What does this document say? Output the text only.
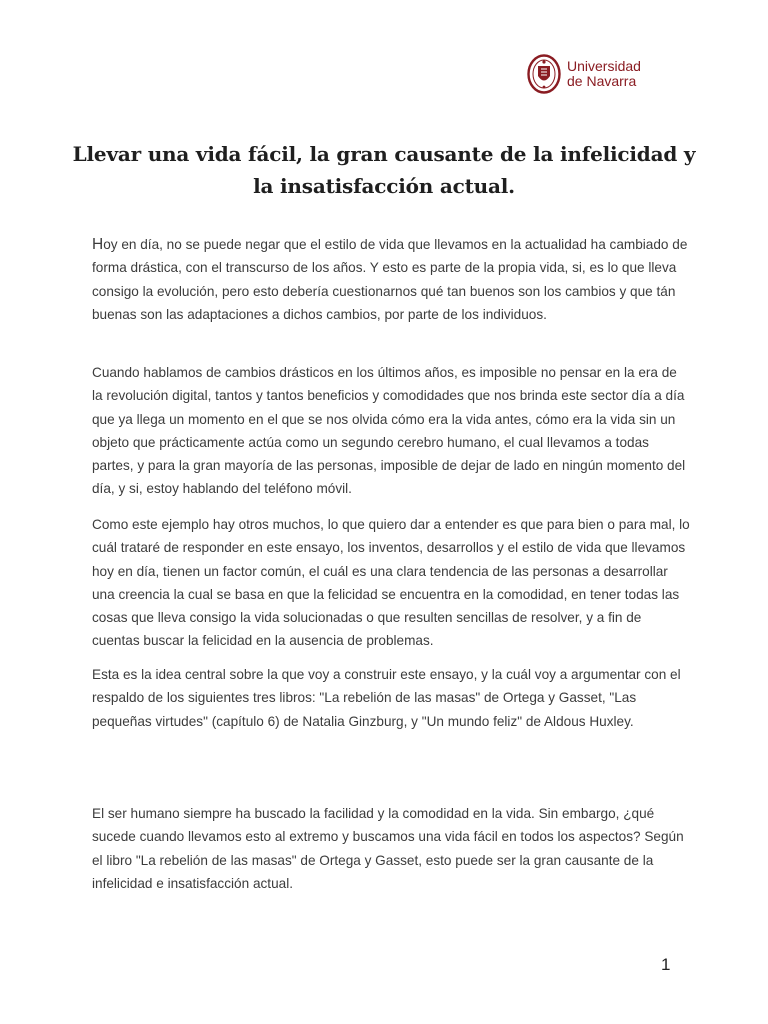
Universidad
de Navarra
Llevar una vida fácil, la gran causante de la infelicidad y la insatisfacción actual.

Hoy en día, no se puede negar que el estilo de vida que llevamos en la actualidad ha cambiado de forma drástica, con el transcurso de los años. Y esto es parte de la propia vida, si, es lo que lleva consigo la evolución, pero esto debería cuestionarnos qué tan buenos son los cambios y que tán buenas son las adaptaciones a dichos cambios, por parte de los individuos.

Cuando hablamos de cambios drásticos en los últimos años, es imposible no pensar en la era de la revolución digital, tantos y tantos beneficios y comodidades que nos brinda este sector día a día que ya llega un momento en el que se nos olvida cómo era la vida antes, cómo era la vida sin un objeto que prácticamente actúa como un segundo cerebro humano, el cual llevamos a todas partes, y para la gran mayoría de las personas, imposible de dejar de lado en ningún momento del día, y si, estoy hablando del teléfono móvil.

Como este ejemplo hay otros muchos, lo que quiero dar a entender es que para bien o para mal, lo cuál trataré de responder en este ensayo, los inventos, desarrollos y el estilo de vida que llevamos hoy en día, tienen un factor común, el cuál es una clara tendencia de las personas a desarrollar una creencia la cual se basa en que la felicidad se encuentra en la comodidad, en tener todas las cosas que lleva consigo la vida solucionadas o que resulten sencillas de resolver, y a fin de cuentas buscar la felicidad en la ausencia de problemas.

Esta es la idea central sobre la que voy a construir este ensayo, y la cuál voy a argumentar con el respaldo de los siguientes tres libros: "La rebelión de las masas" de Ortega y Gasset, "Las pequeñas virtudes" (capítulo 6) de Natalia Ginzburg, y "Un mundo feliz" de Aldous Huxley.

El ser humano siempre ha buscado la facilidad y la comodidad en la vida. Sin embargo, ¿qué sucede cuando llevamos esto al extremo y buscamos una vida fácil en todos los aspectos? Según el libro "La rebelión de las masas" de Ortega y Gasset, esto puede ser la gran causante de la infelicidad e insatisfacción actual.

1
